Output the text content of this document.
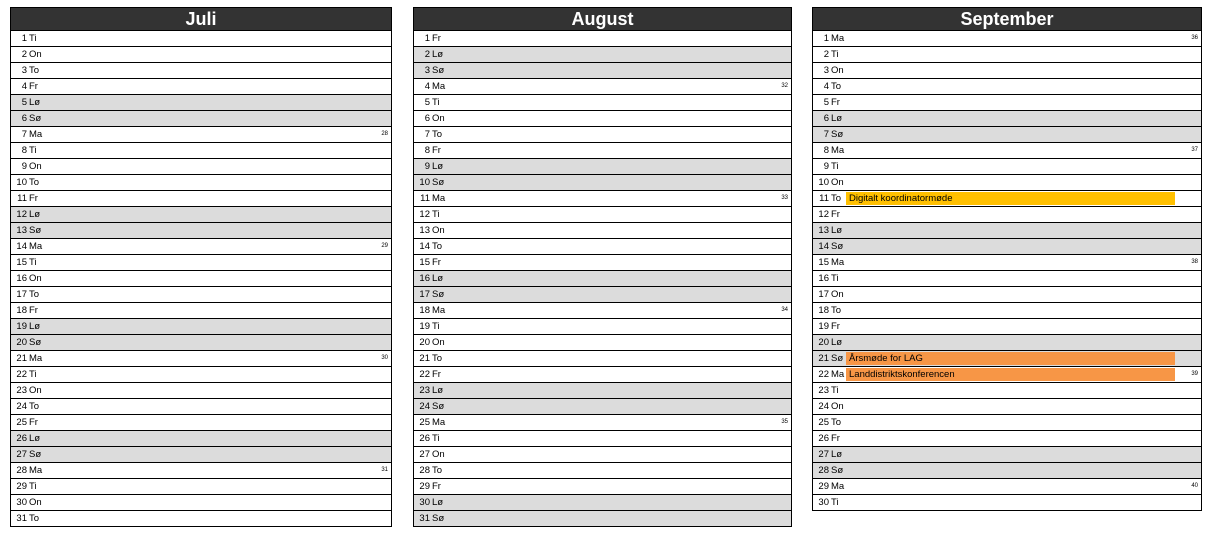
Juli
1 Ti
2 On
3 To
4 Fr
5 Lø
6 Sø
7 Ma	28
8 Ti
9 On
10 To
11 Fr
12 Lø
13 Sø
14 Ma	29
15 Ti
16 On
17 To
18 Fr
19 Lø
20 Sø
21 Ma	30
22 Ti
23 On
24 To
25 Fr
26 Lø
27 Sø
28 Ma	31
29 Ti
30 On
31 To
August
1 Fr
2 Lø
3 Sø
4 Ma	32
5 Ti
6 On
7 To
8 Fr
9 Lø
10 Sø
11 Ma	33
12 Ti
13 On
14 To
15 Fr
16 Lø
17 Sø
18 Ma	34
19 Ti
20 On
21 To
22 Fr
23 Lø
24 Sø
25 Ma	35
26 Ti
27 On
28 To
29 Fr
30 Lø
31 Sø
September
1 Ma	36
2 Ti
3 On
4 To
5 Fr
6 Lø
7 Sø
8 Ma	37
9 Ti
10 On
11 To Digitalt koordinatormøde
12 Fr
13 Lø
14 Sø
15 Ma	38
16 Ti
17 On
18 To
19 Fr
20 Lø
21 Sø Årsmøde for LAG
22 Ma Landdistriktskonferencen	39
23 Ti
24 On
25 To
26 Fr
27 Lø
28 Sø
29 Ma	40
30 Ti
